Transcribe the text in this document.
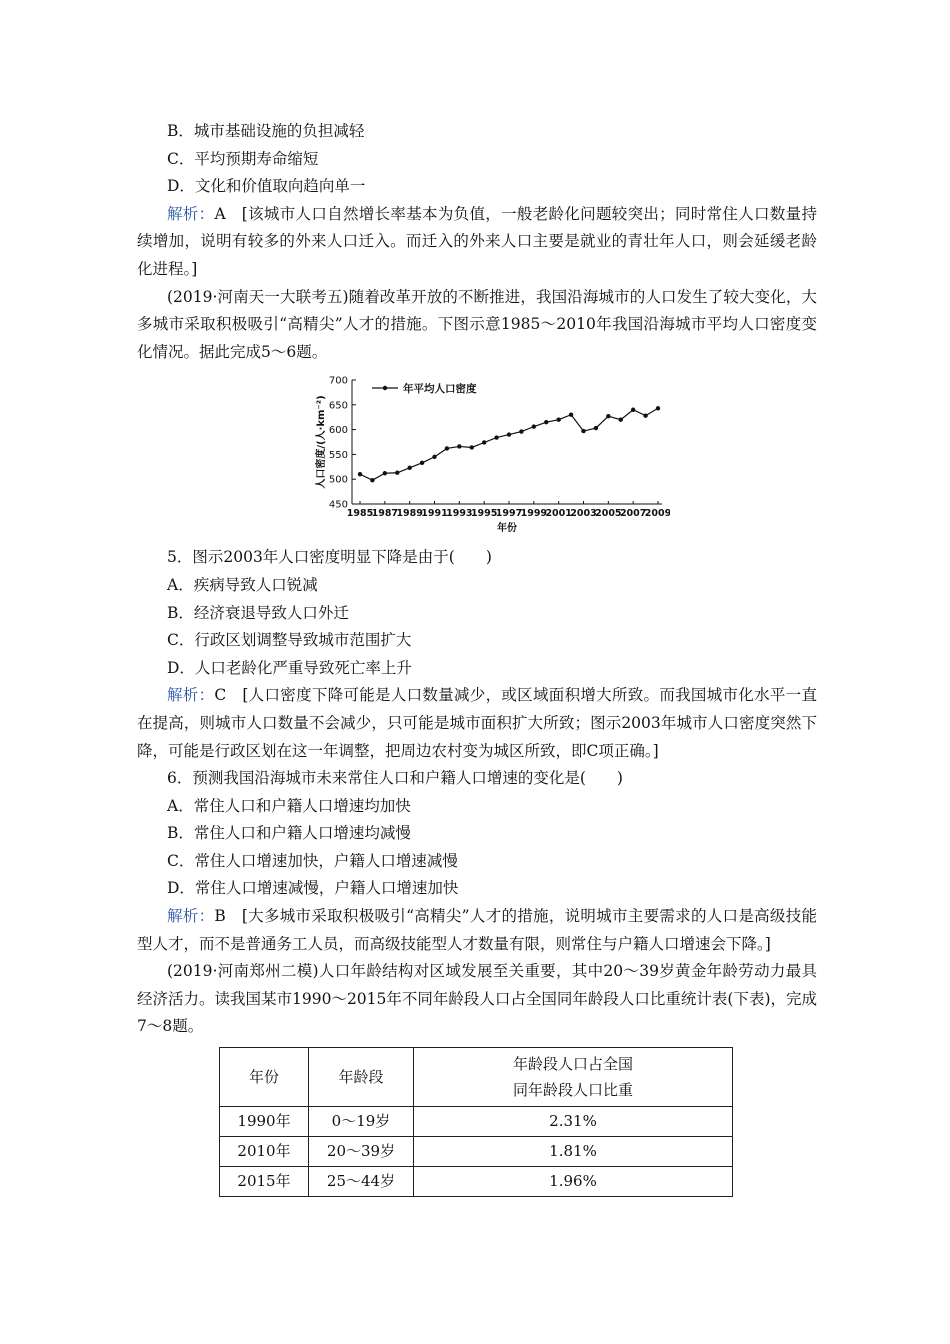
B．城市基础设施的负担减轻
C．平均预期寿命缩短
D．文化和价值取向趋向单一

解析：A　[该城市人口自然增长率基本为负值，一般老龄化问题较突出；同时常住人口数量持续增加，说明有较多的外来人口迁入。而迁入的外来人口主要是就业的青壮年人口，则会延缓老龄化进程。]

(2019·河南天一大联考五)随着改革开放的不断推进，我国沿海城市的人口发生了较大变化，大多城市采取积极吸引“高精尖”人才的措施。下图示意1985～2010年我国沿海城市平均人口密度变化情况。据此完成5～6题。

450
500
550
600
650
700
1985
1987
1989
1991
1993
1995
1997
1999
2001
2003
2005
2007
2009
年份
人口密度/(人·km⁻²)
年平均人口密度
5．图示2003年人口密度明显下降是由于(　　)
A．疾病导致人口锐减
B．经济衰退导致人口外迁
C．行政区划调整导致城市范围扩大
D．人口老龄化严重导致死亡率上升

解析：C　[人口密度下降可能是人口数量减少，或区域面积增大所致。而我国城市化水平一直在提高，则城市人口数量不会减少，只可能是城市面积扩大所致；图示2003年城市人口密度突然下降，可能是行政区划在这一年调整，把周边农村变为城区所致，即C项正确。]

6．预测我国沿海城市未来常住人口和户籍人口增速的变化是(　　)
A．常住人口和户籍人口增速均加快
B．常住人口和户籍人口增速均减慢
C．常住人口增速加快，户籍人口增速减慢
D．常住人口增速减慢，户籍人口增速加快

解析：B　[大多城市采取积极吸引“高精尖”人才的措施，说明城市主要需求的人口是高级技能型人才，而不是普通务工人员，而高级技能型人才数量有限，则常住与户籍人口增速会下降。]

(2019·河南郑州二模)人口年龄结构对区域发展至关重要，其中20～39岁黄金年龄劳动力最具经济活力。读我国某市1990～2015年不同年龄段人口占全国同年龄段人口比重统计表(下表)，完成7～8题。

年份	年龄段	年龄段人口占全国
同年龄段人口比重

1990年	0～19岁	2.31%
2010年	20～39岁	1.81%
2015年	25～44岁	1.96%
